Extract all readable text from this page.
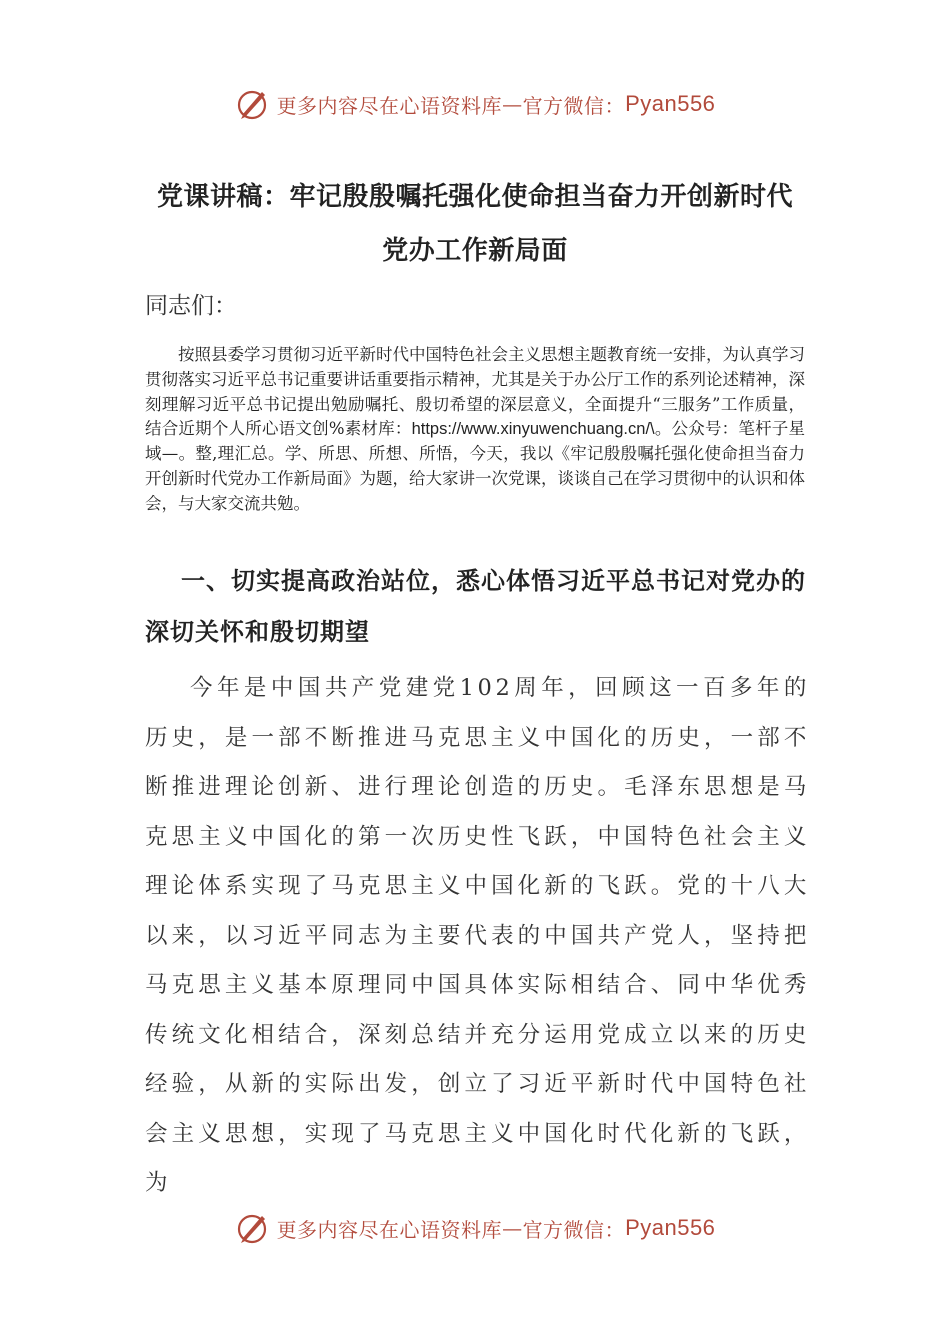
更多内容尽在心语资料库 — 官方微信： Pyan556
党课讲稿：牢记殷殷嘱托强化使命担当奋力开创新时代党办工作新局面
同志们：
按照县委学习贯彻习近平新时代中国特色社会主义思想主题教育统一安排，为认真学习贯彻落实习近平总书记重要讲话重要指示精神，尤其是关于办公厅工作的系列论述精神，深刻理解习近平总书记提出勉励嘱托、殷切希望的深层意义，全面提升“三服务”工作质量，结合近期个人所心语文创%素材库：https://www.xinyuwenchuang.cn/\。公众号：笔杆子星域—。整,理汇总。学、所思、所想、所悟，今天，我以《牢记殷殷嘱托强化使命担当奋力开创新时代党办工作新局面》为题，给大家讲一次党课，谈谈自己在学习贯彻中的认识和体会，与大家交流共勉。
一、切实提高政治站位，悉心体悟习近平总书记对党办的深切关怀和殷切期望
今年是中国共产党建党102周年，回顾这一百多年的历史，是一部不断推进马克思主义中国化的历史，一部不断推进理论创新、进行理论创造的历史。毛泽东思想是马克思主义中国化的第一次历史性飞跃，中国特色社会主义理论体系实现了马克思主义中国化新的飞跃。党的十八大以来，以习近平同志为主要代表的中国共产党人，坚持把马克思主义基本原理同中国具体实际相结合、同中华优秀传统文化相结合，深刻总结并充分运用党成立以来的历史经验，从新的实际出发，创立了习近平新时代中国特色社会主义思想，实现了马克思主义中国化时代化新的飞跃，为
更多内容尽在心语资料库 — 官方微信： Pyan556
